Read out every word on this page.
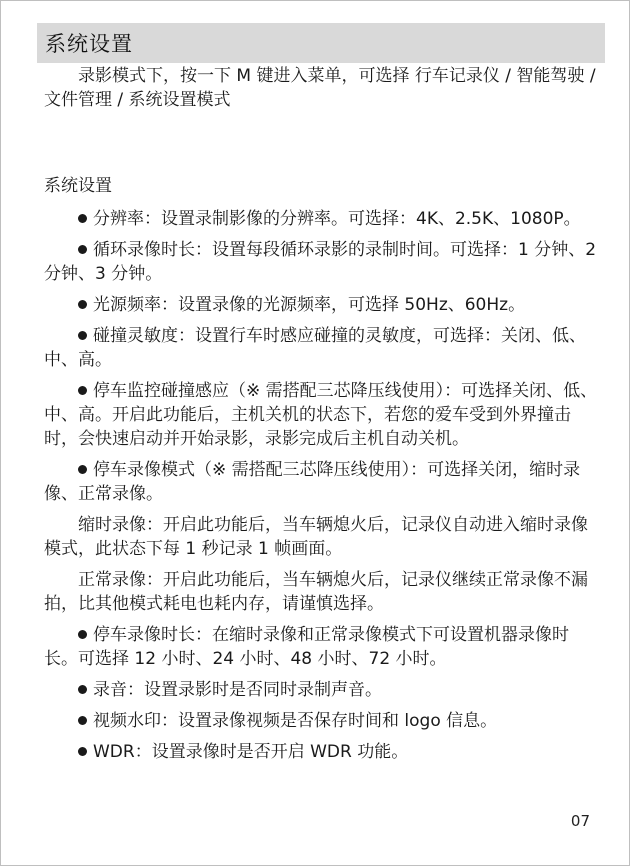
系统设置

录影模式下，按一下 M 键进入菜单，可选择 行车记录仪 / 智能驾驶 / 文件管理 / 系统设置模式

系统设置

分辨率：设置录制影像的分辨率。可选择：4K、2.5K、1080P。

循环录像时长：设置每段循环录影的录制时间。可选择：1 分钟、2 分钟、3 分钟。

光源频率：设置录像的光源频率，可选择 50Hz、60Hz。

碰撞灵敏度：设置行车时感应碰撞的灵敏度，可选择：关闭、低、中、高。

停车监控碰撞感应（※ 需搭配三芯降压线使用）：可选择关闭、低、中、高。开启此功能后，主机关机的状态下，若您的爱车受到外界撞击时，会快速启动并开始录影，录影完成后主机自动关机。

停车录像模式（※ 需搭配三芯降压线使用）：可选择关闭，缩时录像、正常录像。

缩时录像：开启此功能后，当车辆熄火后，记录仪自动进入缩时录像模式，此状态下每 1 秒记录 1 帧画面。

正常录像：开启此功能后，当车辆熄火后，记录仪继续正常录像不漏拍，比其他模式耗电也耗内存，请谨慎选择。

停车录像时长：在缩时录像和正常录像模式下可设置机器录像时长。可选择 12 小时、24 小时、48 小时、72 小时。

录音：设置录影时是否同时录制声音。

视频水印：设置录像视频是否保存时间和 logo 信息。

WDR：设置录像时是否开启 WDR 功能。

07
